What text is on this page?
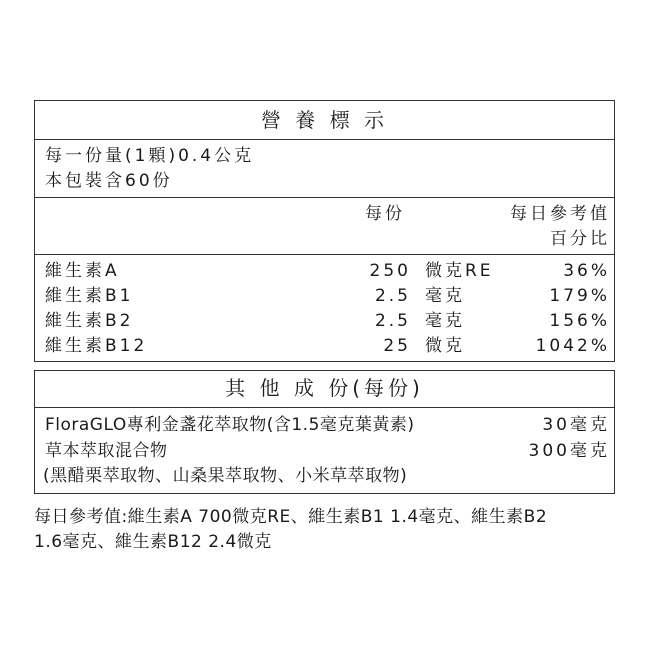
營 養 標 示
每一份量(1顆)0.4公克
本包裝含60份
每份	每日參考值
百分比
維生素A	250 微克RE	36%
維生素B1	2.5 毫克	179%
維生素B2	2.5 毫克	156%
維生素B12	25 微克	1042%
其 他 成 份(每份)
FloraGLO專利金盞花萃取物(含1.5毫克葉黃素)	30毫克
草本萃取混合物	300毫克
(黑醋栗萃取物、山桑果萃取物、小米草萃取物)
每日參考值:維生素A 700微克RE、維生素B1 1.4毫克、維生素B2
1.6毫克、維生素B12 2.4微克
